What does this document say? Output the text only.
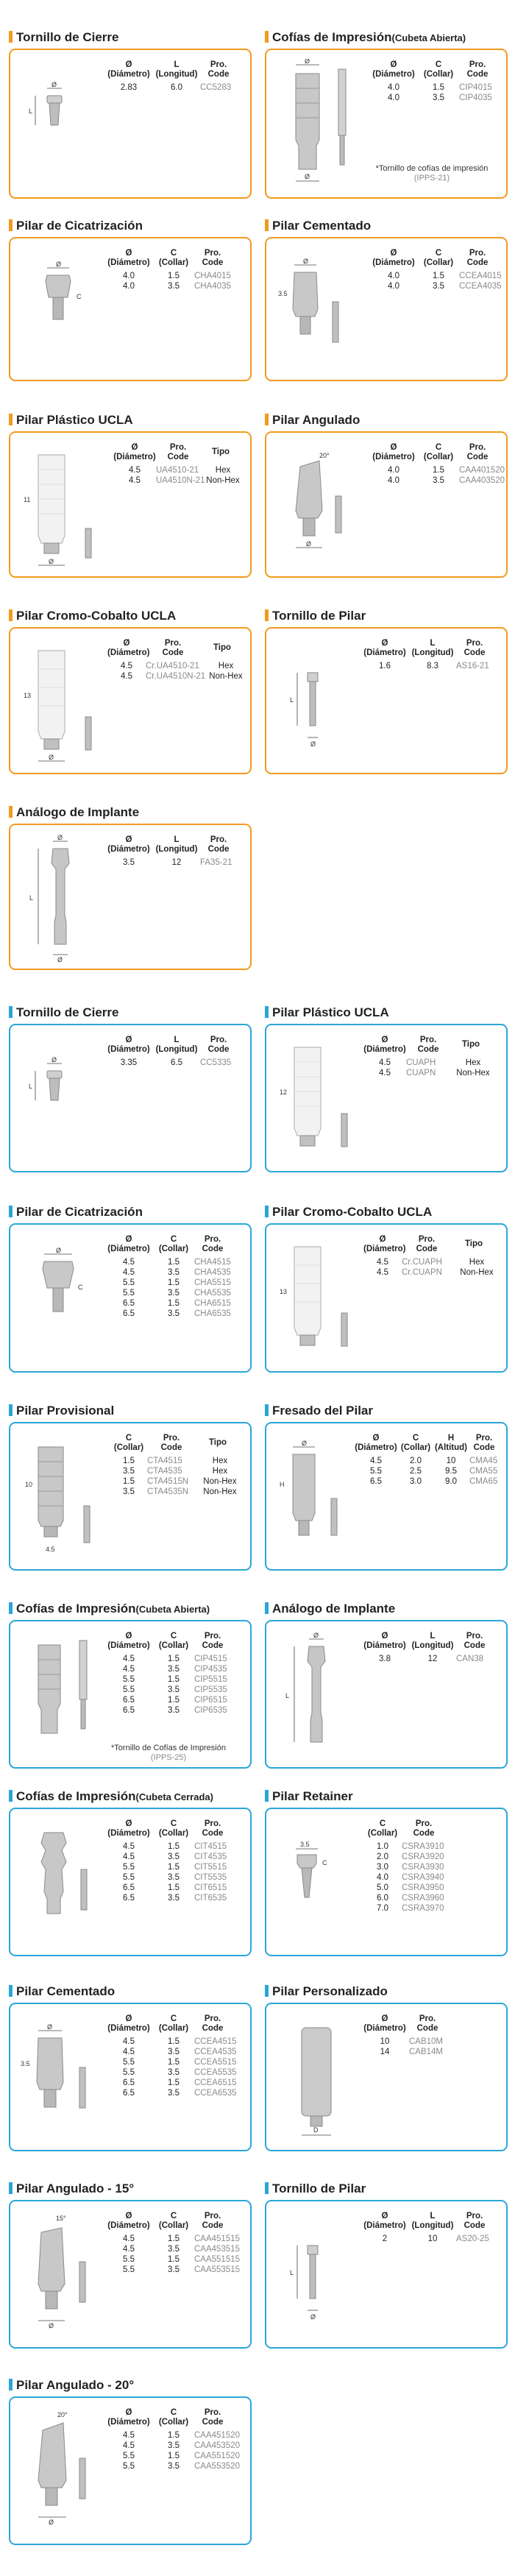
Tornillo de Cierre
Ø
L
Ø
(Diámetro)
L
(Longitud)
Pro.
Code
2.83	6.0	CC5283
Cofías de Impresión(Cubeta Abierta)
Ø
Ø
Ø
(Diámetro)
C
(Collar)
Pro.
Code
4.0	1.5	CIP4015
4.0	3.5	CIP4035
*Tornillo de cofías de impresión
(IPPS-21)
Pilar de Cicatrización
Ø
C
Ø
(Diámetro)
C
(Collar)
Pro.
Code
4.0	1.5	CHA4015
4.0	3.5	CHA4035
Pilar Cementado
Ø
3.5
Ø
(Diámetro)
C
(Collar)
Pro.
Code
4.0	1.5	CCEA4015
4.0	3.5	CCEA4035
Pilar Plástico UCLA
Ø
11
Ø
(Diámetro)
Pro.
Code
Tipo
4.5	UA4510-21	Hex
4.5	UA4510N-21 Non-Hex
Pilar Angulado
20°
Ø
Ø
(Diámetro)
C
(Collar)
Pro.
Code
4.0	1.5	CAA401520
4.0	3.5	CAA403520
Pilar Cromo-Cobalto UCLA
Ø
13
Ø
(Diámetro)
Pro.
Code
Tipo
4.5	Cr.UA4510-21	Hex
4.5	Cr.UA4510N-21 Non-Hex
Tornillo de Pilar
L
Ø
Ø
(Diámetro)
L
(Longitud)
Pro.
Code
1.6	8.3	AS16-21
Análogo de Implante
Ø
L
Ø
Ø
(Diámetro)
L
(Longitud)
Pro.
Code
3.5	12	FA35-21
Tornillo de Cierre
Ø
L
Ø
(Diámetro)
L
(Longitud)
Pro.
Code
3.35	6.5	CC5335
Pilar Plástico UCLA
12
Ø
(Diámetro)
Pro.
Code
Tipo
4.5	CUAPH	Hex
4.5	CUAPN	Non-Hex
Pilar de Cicatrización
Ø
C
Ø
(Diámetro)
C
(Collar)
Pro.
Code
4.5	1.5	CHA4515
4.5	3.5	CHA4535
5.5	1.5	CHA5515
5.5	3.5	CHA5535
6.5	1.5	CHA6515
6.5	3.5	CHA6535
Pilar Cromo-Cobalto UCLA
13
Ø
(Diámetro)
Pro.
Code
Tipo
4.5	Cr.CUAPH	Hex
4.5	Cr.CUAPN	Non-Hex
Pilar Provisional
10
4.5
C
(Collar)
Pro.
Code
Tipo
1.5	CTA4515	Hex
3.5	CTA4535	Hex
1.5	CTA4515N	Non-Hex
3.5	CTA4535N	Non-Hex
Fresado del Pilar
Ø
H
Ø
(Diámetro)
C
(Collar)
H
(Altitud)
Pro.
Code
4.5	2.0	10	CMA45
5.5	2.5	9.5	CMA55
6.5	3.0	9.0	CMA65
Cofías de Impresión(Cubeta Abierta)
Ø
(Diámetro)
C
(Collar)
Pro.
Code
4.5	1.5	CIP4515
4.5	3.5	CIP4535
5.5	1.5	CIP5515
5.5	3.5	CIP5535
6.5	1.5	CIP6515
6.5	3.5	CIP6535
*Tornillo de Cofías de Impresión
(IPPS-25)
Análogo de Implante
Ø
L
Ø
(Diámetro)
L
(Longitud)
Pro.
Code
3.8	12	CAN38
Cofías de Impresión(Cubeta Cerrada)
Ø
(Diámetro)
C
(Collar)
Pro.
Code
4.5	1.5	CIT4515
4.5	3.5	CIT4535
5.5	1.5	CIT5515
5.5	3.5	CIT5535
6.5	1.5	CIT6515
6.5	3.5	CIT6535
Pilar Retainer
3.5
C
C
(Collar)
Pro.
Code
1.0	CSRA3910
2.0	CSRA3920
3.0	CSRA3930
4.0	CSRA3940
5.0	CSRA3950
6.0	CSRA3960
7.0	CSRA3970
Pilar Cementado
Ø
3.5
Ø
(Diámetro)
C
(Collar)
Pro.
Code
4.5	1.5	CCEA4515
4.5	3.5	CCEA4535
5.5	1.5	CCEA5515
5.5	3.5	CCEA5535
6.5	1.5	CCEA6515
6.5	3.5	CCEA6535
Pilar Personalizado
D
Ø
(Diámetro)
Pro.
Code
10	CAB10M
14	CAB14M
Pilar Angulado - 15°
15°
Ø
Ø
(Diámetro)
C
(Collar)
Pro.
Code
4.5	1.5	CAA451515
4.5	3.5	CAA453515
5.5	1.5	CAA551515
5.5	3.5	CAA553515
Tornillo de Pilar
L
Ø
Ø
(Diámetro)
L
(Longitud)
Pro.
Code
2	10	AS20-25
Pilar Angulado - 20°
20°
Ø
Ø
(Diámetro)
C
(Collar)
Pro.
Code
4.5	1.5	CAA451520
4.5	3.5	CAA453520
5.5	1.5	CAA551520
5.5	3.5	CAA553520
